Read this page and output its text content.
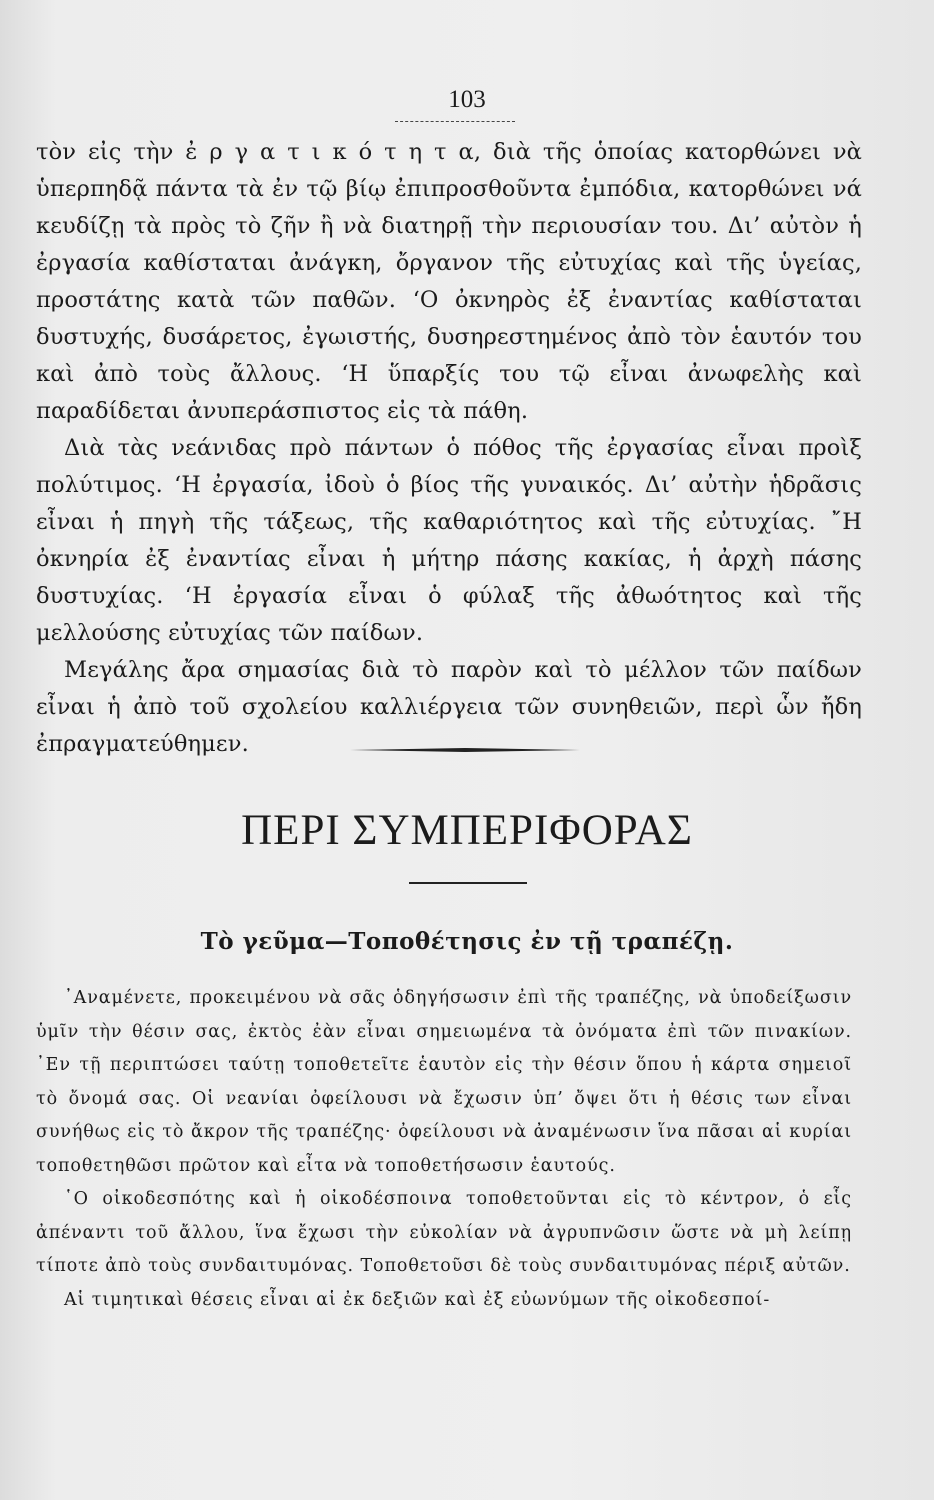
103

τὸν εἰς τὴν ἐ ρ γ α τ ι κ ό τ η τ α, διὰ τῆς ὁποίας κατορθώνει νὰ ὑπερπηδᾷ πάντα τὰ ἐν τῷ βίῳ ἐπιπροσθοῦντα ἐμπόδια, κατορθώνει νά κευδίζῃ τὰ πρὸς τὸ ζῆν ἢ νὰ διατηρῇ τὴν περιουσίαν του. Δι’ αὐτὸν ἡ ἐργασία καθίσταται ἀνάγκη, ὄργανον τῆς εὐτυχίας καὶ τῆς ὑγείας, προστάτης κατὰ τῶν παθῶν. ‘Ο ὀκνηρὸς ἐξ ἐναντίας καθίσταται δυστυχής, δυσάρετος, ἐγωιστής, δυσηρεστημένος ἀπὸ τὸν ἑαυτόν του καὶ ἀπὸ τοὺς ἄλλους. ‘Η ὕπαρξίς του τῷ εἶναι ἀνωφελὴς καὶ παραδίδεται ἀνυπεράσπιστος εἰς τὰ πάθη.

Διὰ τὰς νεάνιδας πρὸ πάντων ὁ πόθος τῆς ἐργασίας εἶναι προὶξ πολύτιμος. ‘Η ἐργασία, ἰδοὺ ὁ βίος τῆς γυναικός. Δι’ αὐτὴν ἡδρᾶσις εἶναι ἡ πηγὴ τῆς τάξεως, τῆς καθαριότητος καὶ τῆς εὐτυχίας. ῎Η ὀκνηρία ἐξ ἐναντίας εἶναι ἡ μήτηρ πάσης κακίας, ἡ ἀρχὴ πάσης δυστυχίας. ‘Η ἐργασία εἶναι ὁ φύλαξ τῆς ἀθωότητος καὶ τῆς μελλούσης εὐτυχίας τῶν παίδων.

Μεγάλης ἄρα σημασίας διὰ τὸ παρὸν καὶ τὸ μέλλον τῶν παίδων εἶναι ἡ ἀπὸ τοῦ σχολείου καλλιέργεια τῶν συνηθειῶν, περὶ ὧν ἤδη ἐπραγματεύθημεν.

ΠΕΡΙ ΣΥΜΠΕΡΙΦΟΡΑΣ
Τὸ γεῦμα—Τοποθέτησις ἐν τῇ τραπέζῃ.

᾿Αναμένετε, προκειμένου νὰ σᾶς ὁδηγήσωσιν ἐπὶ τῆς τραπέζης, νὰ ὑποδείξωσιν ὑμῖν τὴν θέσιν σας, ἐκτὸς ἐὰν εἶναι σημειωμένα τὰ ὀνόματα ἐπὶ τῶν πινακίων. ᾿Εν τῇ περιπτώσει ταύτῃ τοποθετεῖτε ἑαυτὸν εἰς τὴν θέσιν ὅπου ἡ κάρτα σημειοῖ τὸ ὄνομά σας. Οἱ νεανίαι ὀφείλουσι νὰ ἔχωσιν ὑπ’ ὄψει ὅτι ἡ θέσις των εἶναι συνήθως εἰς τὸ ἄκρον τῆς τραπέζης· ὀφείλουσι νὰ ἀναμένωσιν ἵνα πᾶσαι αἱ κυρίαι τοποθετηθῶσι πρῶτον καὶ εἶτα νὰ τοποθετήσωσιν ἑαυτούς.

῾Ο οἰκοδεσπότης καὶ ἡ οἰκοδέσποινα τοποθετοῦνται εἰς τὸ κέντρον, ὁ εἷς ἀπέναντι τοῦ ἄλλου, ἵνα ἔχωσι τὴν εὐκολίαν νὰ ἀγρυπνῶσιν ὥστε νὰ μὴ λείπῃ τίποτε ἀπὸ τοὺς συνδαιτυμόνας. Τοποθετοῦσι δὲ τοὺς συνδαιτυμόνας πέριξ αὐτῶν.

Αἱ τιμητικαὶ θέσεις εἶναι αἱ ἐκ δεξιῶν καὶ ἐξ εὐωνύμων τῆς οἰκοδεσποί-
